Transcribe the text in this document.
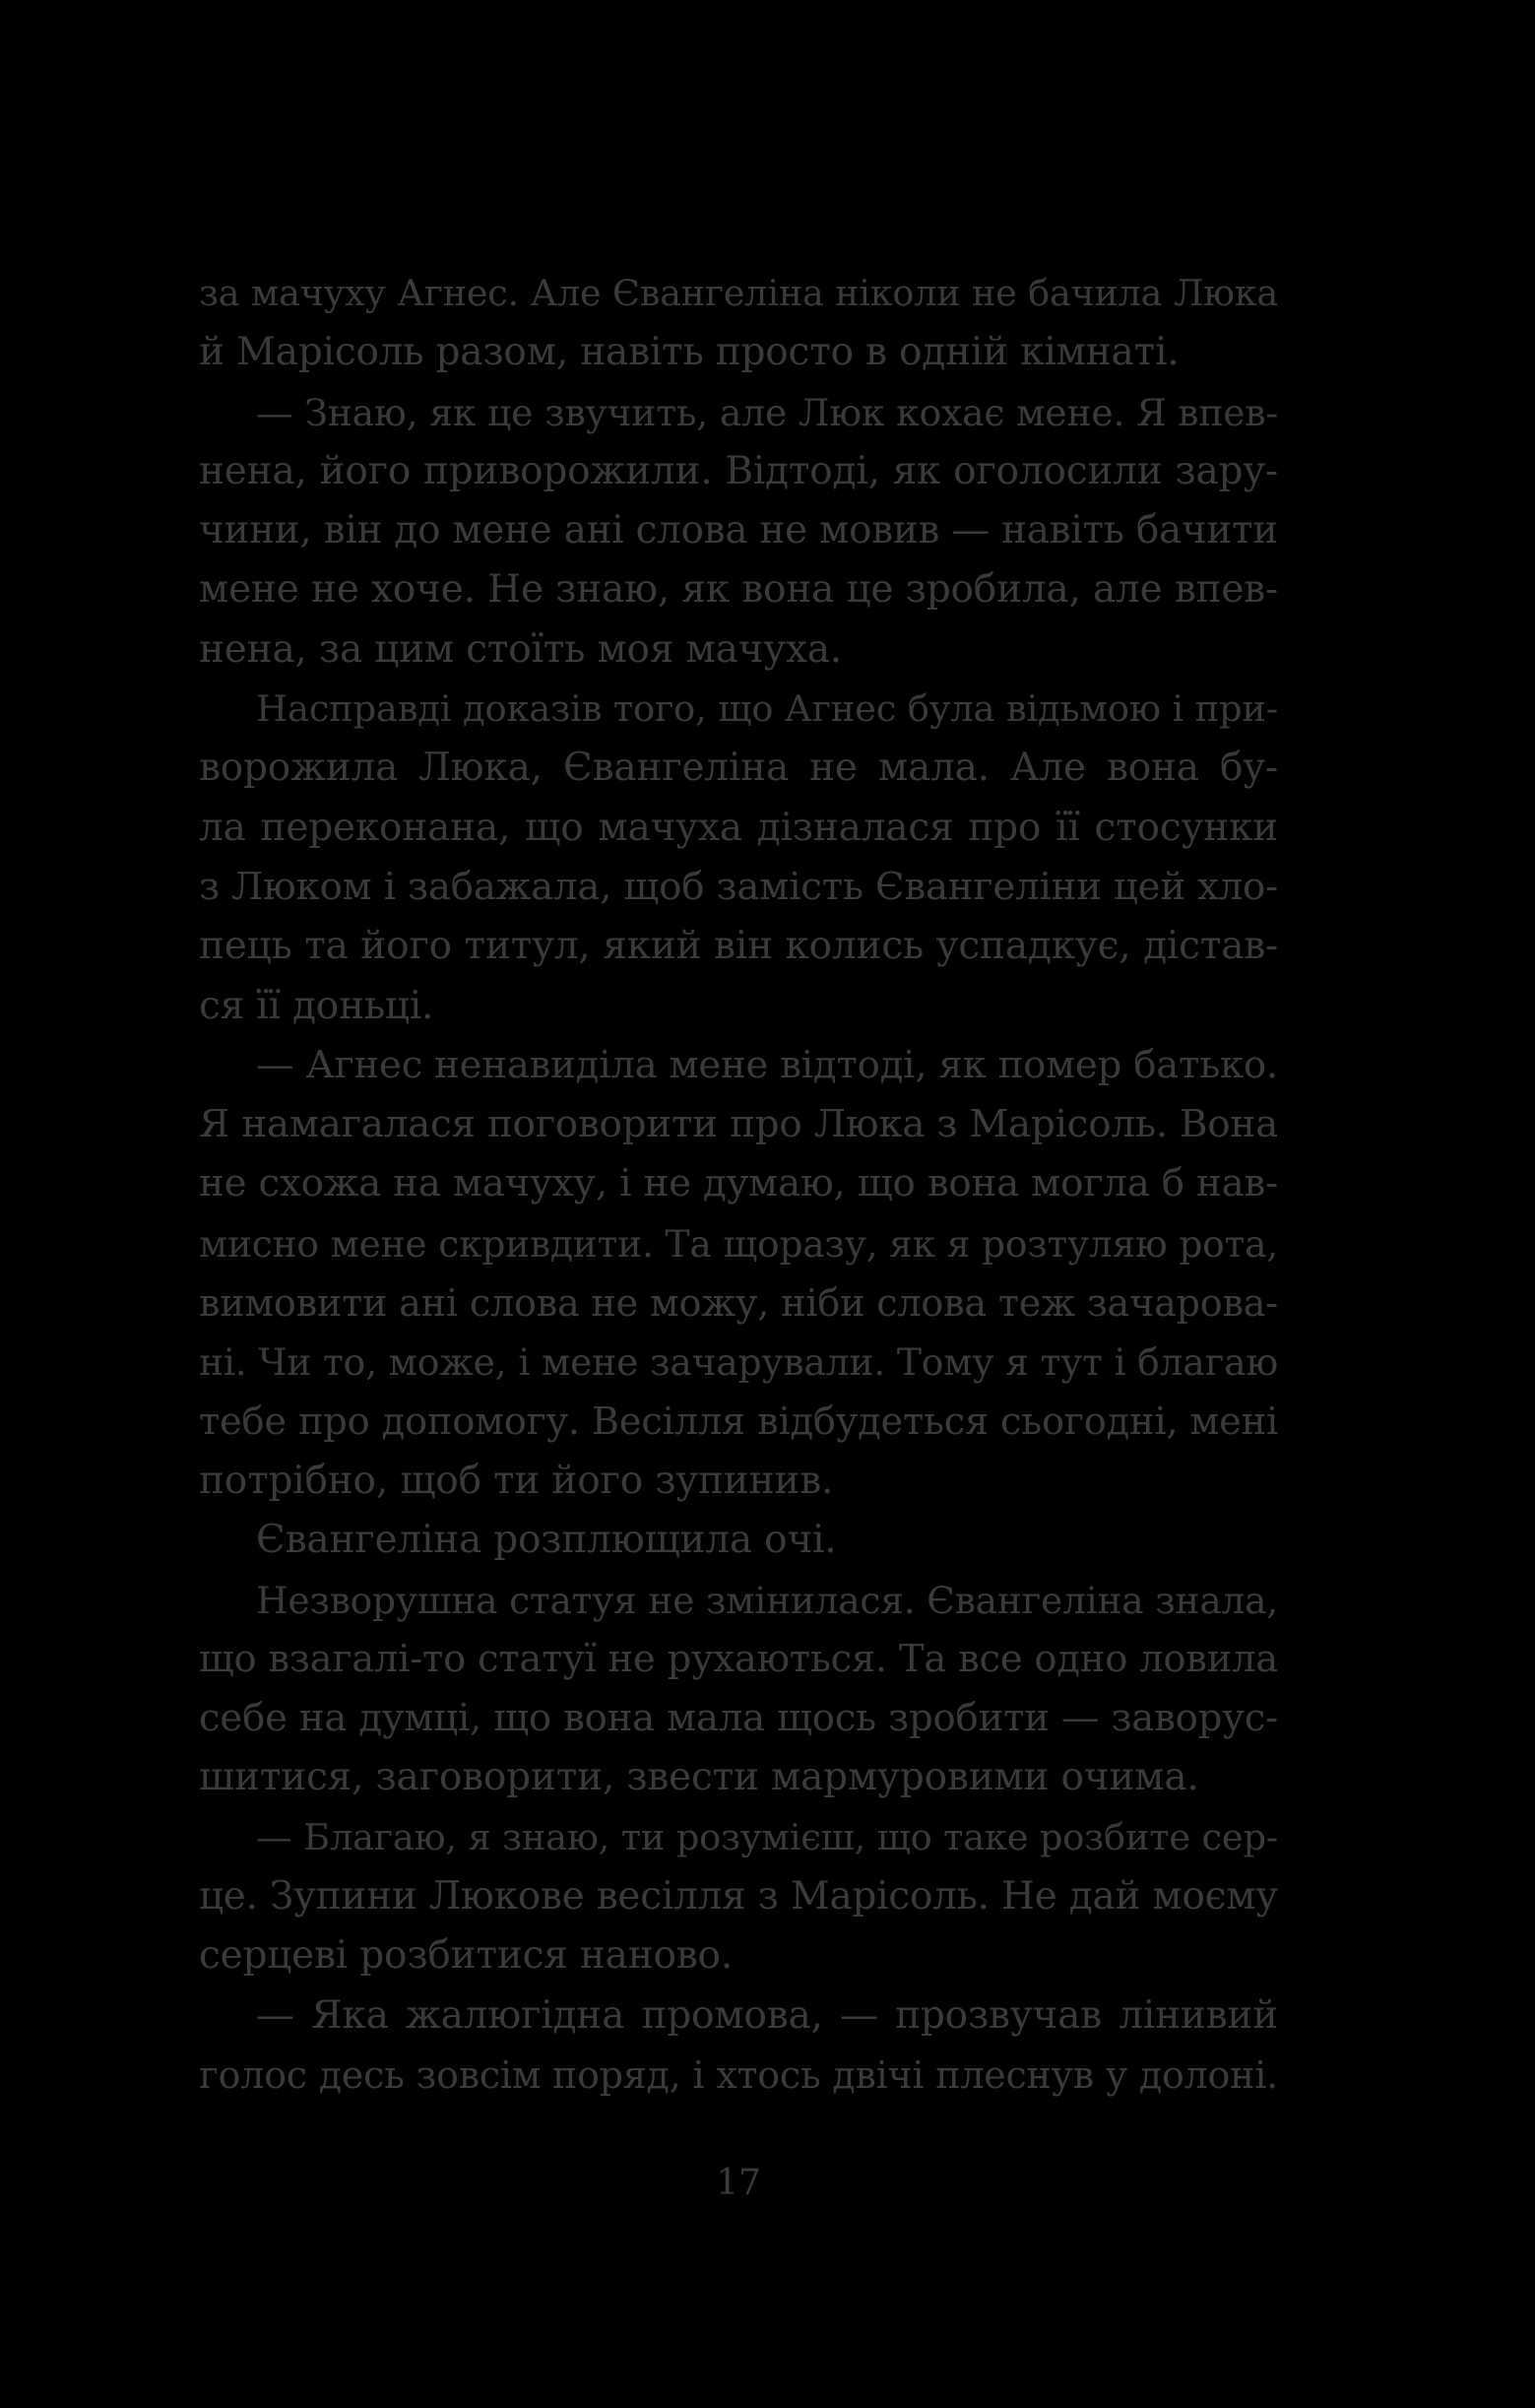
за мачуху Агнес. Але Євангеліна ніколи не бачила Люка
й Марісоль разом, навіть просто в одній кімнаті.
— Знаю, як це звучить, але Люк кохає мене. Я впев-
нена, його приворожили. Відтоді, як оголосили зару-
чини, він до мене ані слова не мовив — навіть бачити
мене не хоче. Не знаю, як вона це зробила, але впев-
нена, за цим стоїть моя мачуха.
Насправді доказів того, що Агнес була відьмою і при-
ворожила Люка, Євангеліна не мала. Але вона бу-
ла переконана, що мачуха дізналася про її стосунки
з Люком і забажала, щоб замість Євангеліни цей хло-
пець та його титул, який він колись успадкує, дістав-
ся її доньці.
— Агнес ненавиділа мене відтоді, як помер батько.
Я намагалася поговорити про Люка з Марісоль. Вона
не схожа на мачуху, і не думаю, що вона могла б нав-
мисно мене скривдити. Та щоразу, як я розтуляю рота,
вимовити ані слова не можу, ніби слова теж зачарова-
ні. Чи то, може, і мене зачарували. Тому я тут і благаю
тебе про допомогу. Весілля відбудеться сьогодні, мені
потрібно, щоб ти його зупинив.
Євангеліна розплющила очі.
Незворушна статуя не змінилася. Євангеліна знала,
що взагалі-то статуї не рухаються. Та все одно ловила
себе на думці, що вона мала щось зробити — заворус-
шитися, заговорити, звести мармуровими очима.
— Благаю, я знаю, ти розумієш, що таке розбите сер-
це. Зупини Люкове весілля з Марісоль. Не дай моєму
серцеві розбитися наново.
— Яка жалюгідна промова, — прозвучав лінивий
голос десь зовсім поряд, і хтось двічі плеснув у долоні.
17
